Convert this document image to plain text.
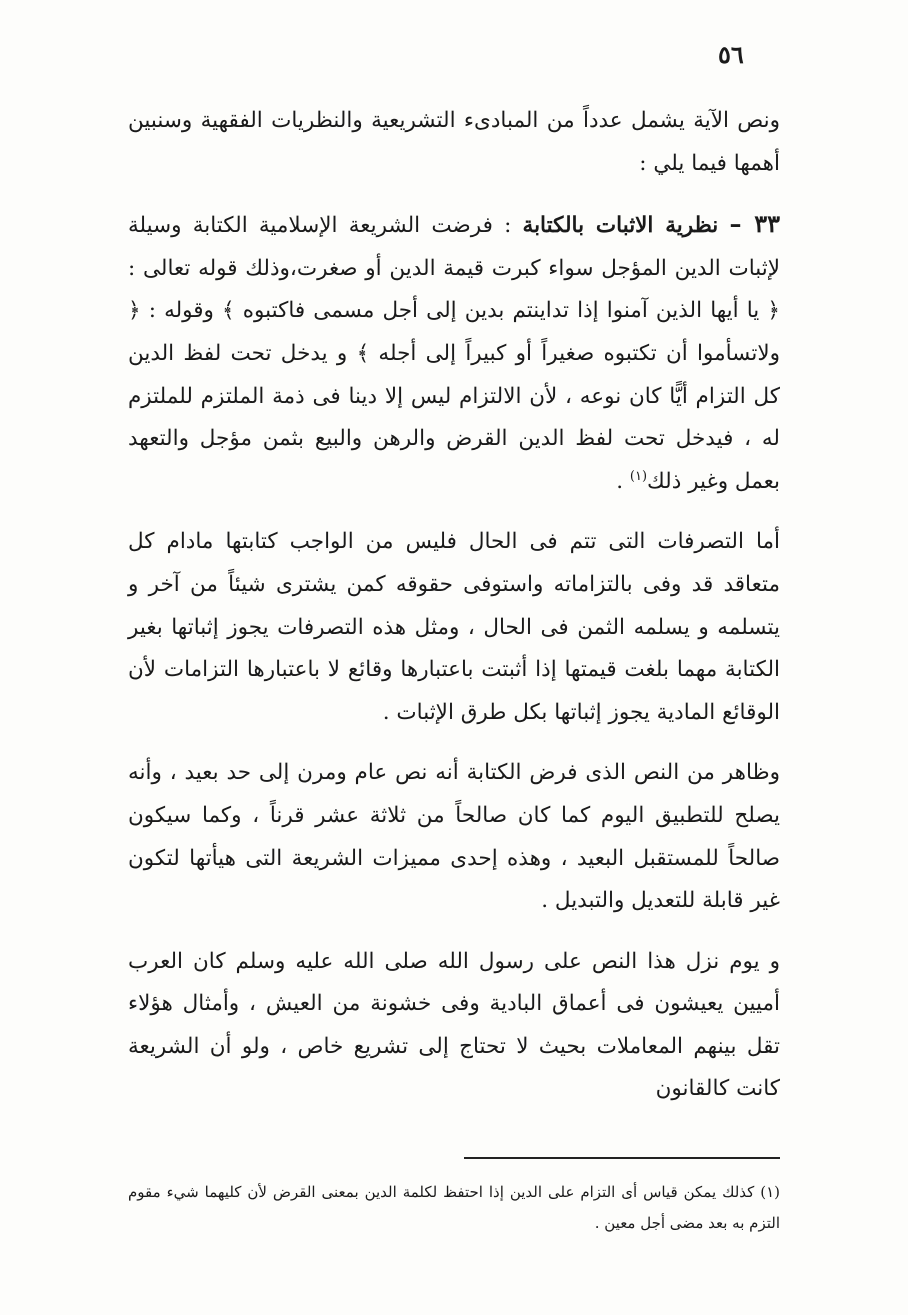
٥٦

ونص الآية يشمل عدداً من المبادىء التشريعية والنظريات الفقهية وسنبين أهمها فيما يلي :

٣٣ – نظرية الاثبات بالكتابة : فرضت الشريعة الإسلامية الكتابة وسيلة لإثبات الدين المؤجل سواء كبرت قيمة الدين أو صغرت،وذلك قوله تعالى : ﴿ يا أيها الذين آمنوا إذا تداينتم بدين إلى أجل مسمى فاكتبوه ﴾ وقوله : ﴿ ولاتسأموا أن تكتبوه صغيراً أو كبيراً إلى أجله ﴾ و يدخل تحت لفظ الدين كل التزام أيًّا كان نوعه ، لأن الالتزام ليس إلا دينا فى ذمة الملتزم للملتزم له ، فيدخل تحت لفظ الدين القرض والرهن والبيع بثمن مؤجل والتعهد بعمل وغير ذلك$^{(١)}$ .

أما التصرفات التى تتم فى الحال فليس من الواجب كتابتها مادام كل متعاقد قد وفى بالتزاماته واستوفى حقوقه كمن يشترى شيئاً من آخر و يتسلمه و يسلمه الثمن فى الحال ، ومثل هذه التصرفات يجوز إثباتها بغير الكتابة مهما بلغت قيمتها إذا أثبتت باعتبارها وقائع لا باعتبارها التزامات لأن الوقائع المادية يجوز إثباتها بكل طرق الإثبات .

وظاهر من النص الذى فرض الكتابة أنه نص عام ومرن إلى حد بعيد ، وأنه يصلح للتطبيق اليوم كما كان صالحاً من ثلاثة عشر قرناً ، وكما سيكون صالحاً للمستقبل البعيد ، وهذه إحدى مميزات الشريعة التى هيأتها لتكون غير قابلة للتعديل والتبديل .

و يوم نزل هذا النص على رسول الله صلى الله عليه وسلم كان العرب أميين يعيشون فى أعماق البادية وفى خشونة من العيش ، وأمثال هؤلاء تقل بينهم المعاملات بحيث لا تحتاج إلى تشريع خاص ، ولو أن الشريعة كانت كالقانون

(١) كذلك يمكن قياس أى التزام على الدين إذا احتفظ لكلمة الدين بمعنى القرض لأن كليهما شيء مقوم التزم به بعد مضى أجل معين .
